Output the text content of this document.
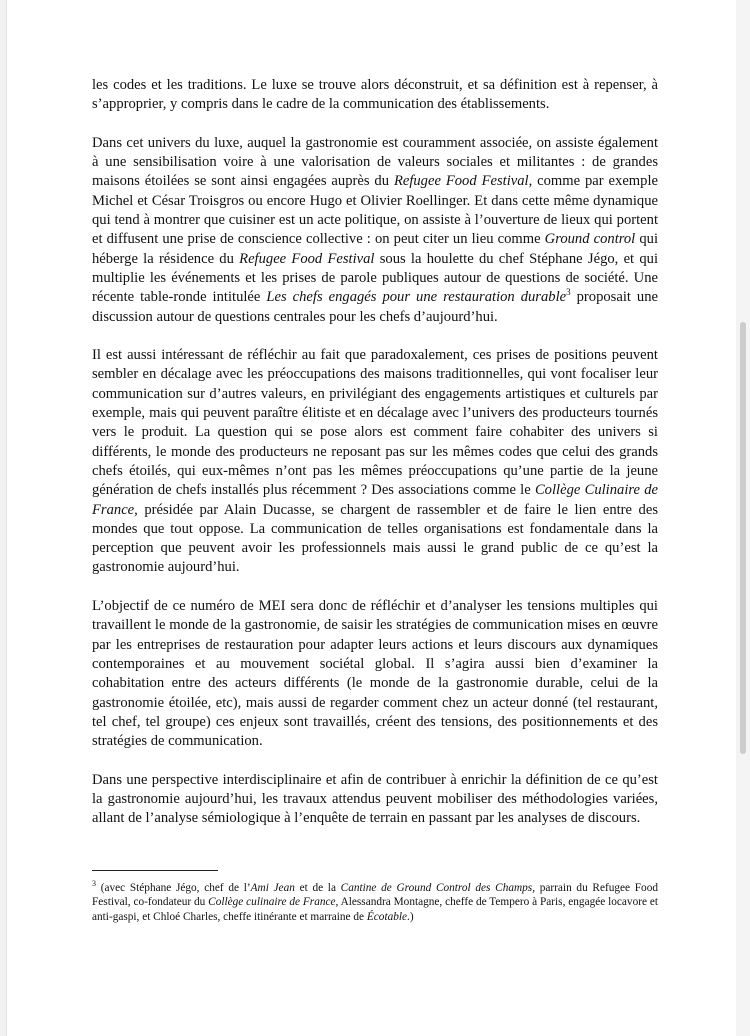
les codes et les traditions. Le luxe se trouve alors déconstruit, et sa définition est à repenser, à s’approprier, y compris dans le cadre de la communication des établissements.

Dans cet univers du luxe, auquel la gastronomie est couramment associée, on assiste également à une sensibilisation voire à une valorisation de valeurs sociales et militantes : de grandes maisons étoilées se sont ainsi engagées auprès du Refugee Food Festival, comme par exemple Michel et César Troisgros ou encore Hugo et Olivier Roellinger. Et dans cette même dynamique qui tend à montrer que cuisiner est un acte politique, on assiste à l’ouverture de lieux qui portent et diffusent une prise de conscience collective : on peut citer un lieu comme Ground control qui héberge la résidence du Refugee Food Festival sous la houlette du chef Stéphane Jégo, et qui multiplie les événements et les prises de parole publiques autour de questions de société. Une récente table-ronde intitulée Les chefs engagés pour une restauration durable$^3$ proposait une discussion autour de questions centrales pour les chefs d’aujourd’hui.

Il est aussi intéressant de réfléchir au fait que paradoxalement, ces prises de positions peuvent sembler en décalage avec les préoccupations des maisons traditionnelles, qui vont focaliser leur communication sur d’autres valeurs, en privilégiant des engagements artistiques et culturels par exemple, mais qui peuvent paraître élitiste et en décalage avec l’univers des producteurs tournés vers le produit. La question qui se pose alors est comment faire cohabiter des univers si différents, le monde des producteurs ne reposant pas sur les mêmes codes que celui des grands chefs étoilés, qui eux-mêmes n’ont pas les mêmes préoccupations qu’une partie de la jeune génération de chefs installés plus récemment ? Des associations comme le Collège Culinaire de France, présidée par Alain Ducasse, se chargent de rassembler et de faire le lien entre des mondes que tout oppose. La communication de telles organisations est fondamentale dans la perception que peuvent avoir les professionnels mais aussi le grand public de ce qu’est la gastronomie aujourd’hui.

L’objectif de ce numéro de MEI sera donc de réfléchir et d’analyser les tensions multiples qui travaillent le monde de la gastronomie, de saisir les stratégies de communication mises en œuvre par les entreprises de restauration pour adapter leurs actions et leurs discours aux dynamiques contemporaines et au mouvement sociétal global. Il s’agira aussi bien d’examiner la cohabitation entre des acteurs différents (le monde de la gastronomie durable, celui de la gastronomie étoilée, etc), mais aussi de regarder comment chez un acteur donné (tel restaurant, tel chef, tel groupe) ces enjeux sont travaillés, créent des tensions, des positionnements et des stratégies de communication.

Dans une perspective interdisciplinaire et afin de contribuer à enrichir la définition de ce qu’est la gastronomie aujourd’hui, les travaux attendus peuvent mobiliser des méthodologies variées, allant de l’analyse sémiologique à l’enquête de terrain en passant par les analyses de discours.

$^3$ (avec Stéphane Jégo, chef de l’Ami Jean et de la Cantine de Ground Control des Champs, parrain du Refugee Food Festival, co-fondateur du Collège culinaire de France, Alessandra Montagne, cheffe de Tempero à Paris, engagée locavore et anti-gaspi, et Chloé Charles, cheffe itinérante et marraine de Écotable.)
